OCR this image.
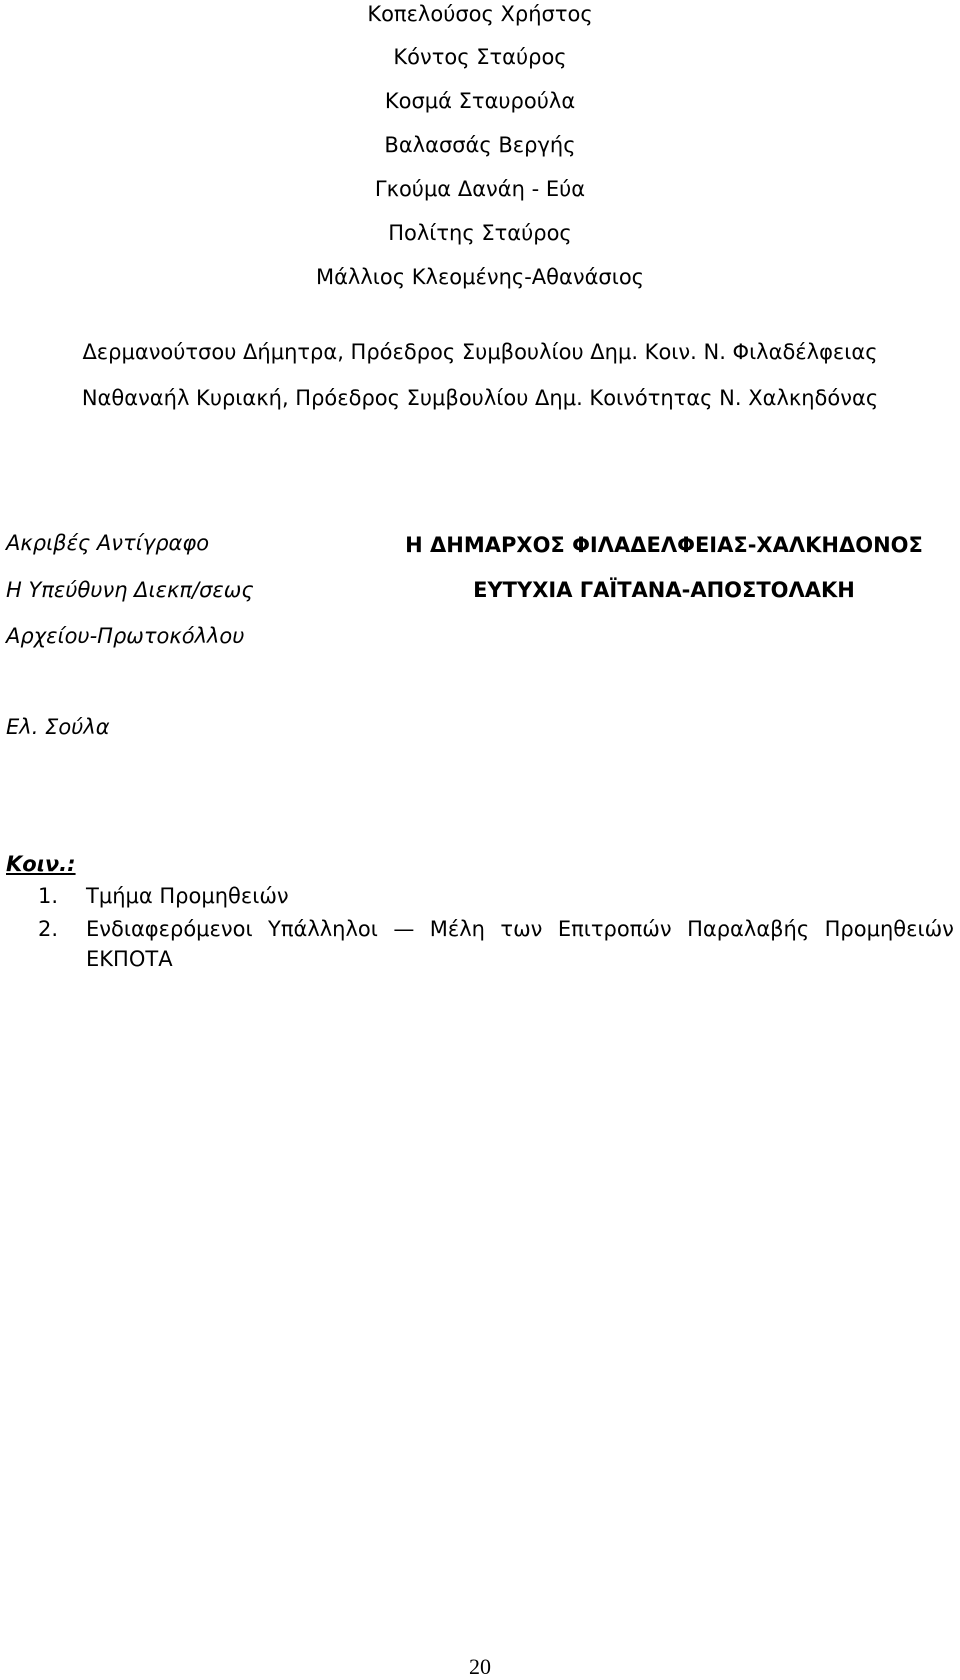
Κοπελούσος Χρήστος
Κόντος Σταύρος
Κοσμά Σταυρούλα
Βαλασσάς Βεργής
Γκούμα Δανάη - Εύα
Πολίτης Σταύρος
Μάλλιος Κλεομένης-Αθανάσιος
Δερμανούτσου Δήμητρα, Πρόεδρος Συμβουλίου Δημ. Κοιν. Ν. Φιλαδέλφειας
Ναθαναήλ Κυριακή, Πρόεδρος Συμβουλίου Δημ. Κοινότητας Ν. Χαλκηδόνας
Ακριβές Αντίγραφο
Η Υπεύθυνη Διεκπ/σεως
Αρχείου-Πρωτοκόλλου
Ελ. Σούλα
Η ΔΗΜΑΡΧΟΣ ΦΙΛΑΔΕΛΦΕΙΑΣ-ΧΑΛΚΗΔΟΝΟΣ
ΕΥΤΥΧΙΑ ΓΑΪΤΑΝΑ-ΑΠΟΣΤΟΛΑΚΗ
Κοιν.:
1. Τμήμα Προμηθειών
2. Ενδιαφερόμενοι Υπάλληλοι — Μέλη των Επιτροπών Παραλαβής Προμηθειών
ΕΚΠΟΤΑ
20
